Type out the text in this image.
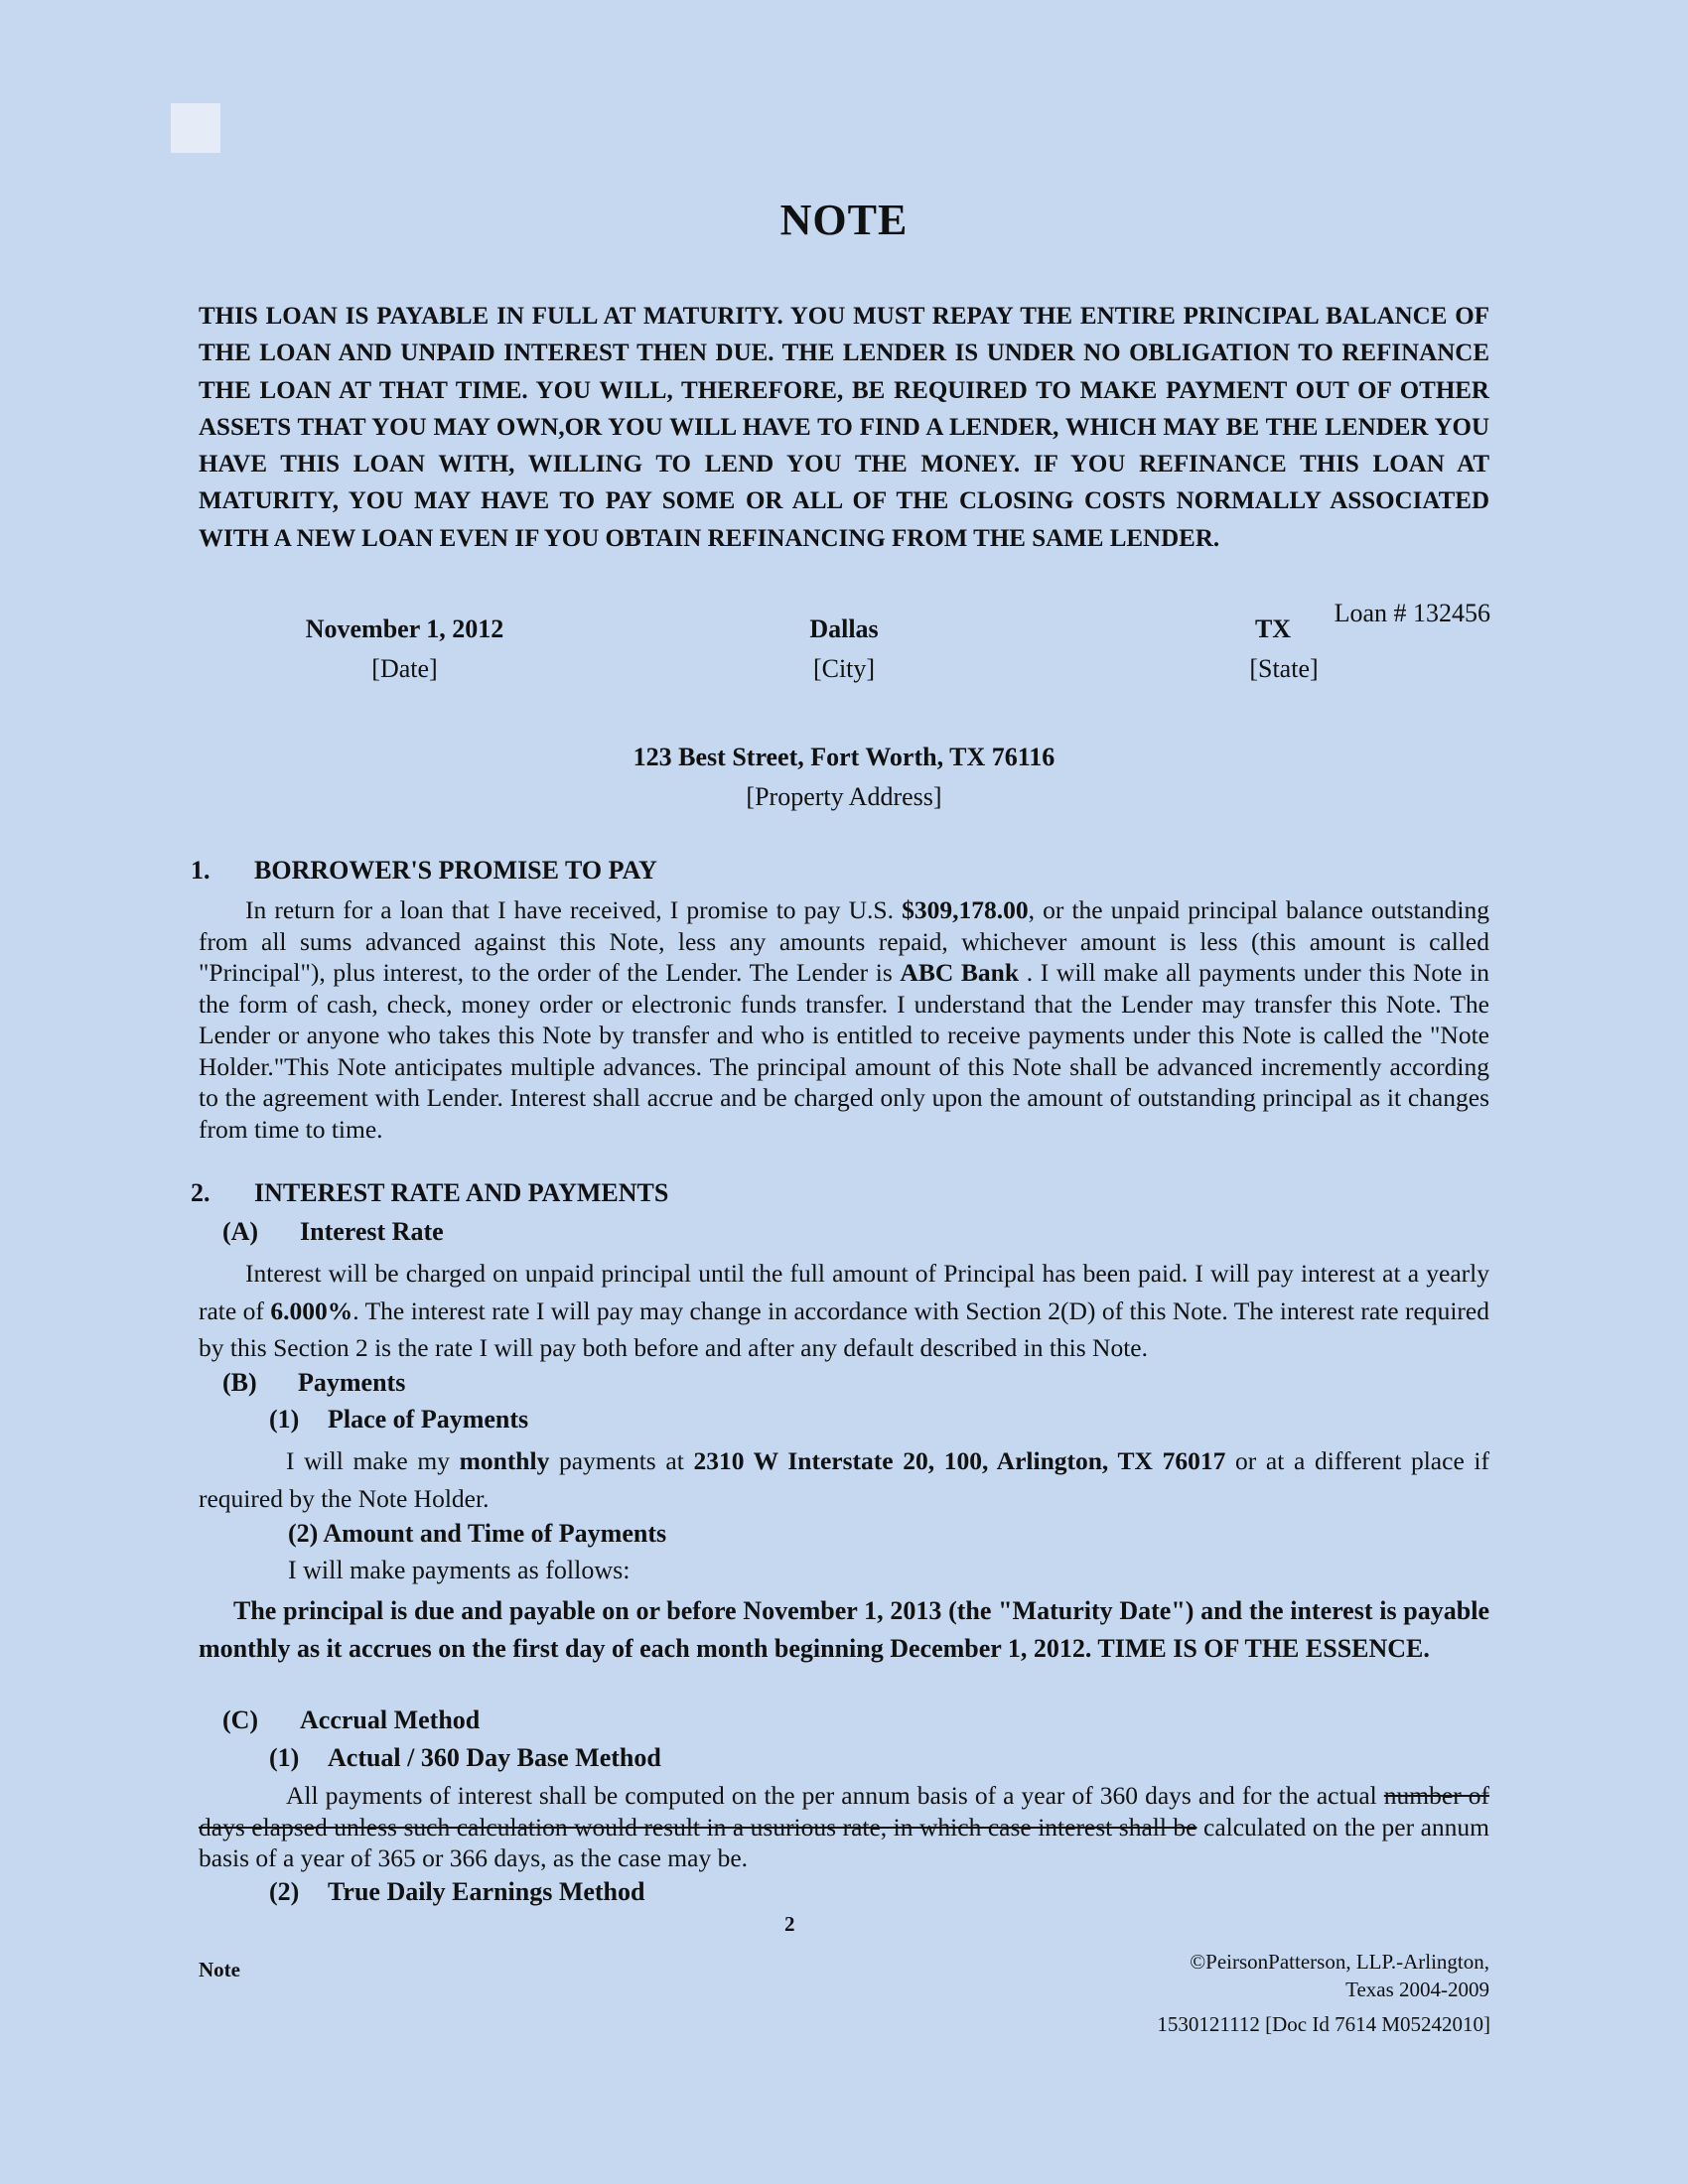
NOTE
THIS LOAN IS PAYABLE IN FULL AT MATURITY. YOU MUST REPAY THE ENTIRE PRINCIPAL BALANCE OF THE LOAN AND UNPAID INTEREST THEN DUE. THE LENDER IS UNDER NO OBLIGATION TO REFINANCE THE LOAN AT THAT TIME. YOU WILL, THEREFORE, BE REQUIRED TO MAKE PAYMENT OUT OF OTHER ASSETS THAT YOU MAY OWN,OR YOU WILL HAVE TO FIND A LENDER, WHICH MAY BE THE LENDER YOU HAVE THIS LOAN WITH, WILLING TO LEND YOU THE MONEY. IF YOU REFINANCE THIS LOAN AT MATURITY, YOU MAY HAVE TO PAY SOME OR ALL OF THE CLOSING COSTS NORMALLY ASSOCIATED WITH A NEW LOAN EVEN IF YOU OBTAIN REFINANCING FROM THE SAME LENDER.
Loan # 132456
November 1, 2012
[Date]
Dallas
[City]
TX
[State]
123 Best Street, Fort Worth, TX 76116
[Property Address]
1. BORROWER'S PROMISE TO PAY
In return for a loan that I have received, I promise to pay U.S. $309,178.00, or the unpaid principal balance outstanding from all sums advanced against this Note, less any amounts repaid, whichever amount is less (this amount is called "Principal"), plus interest, to the order of the Lender. The Lender is ABC Bank . I will make all payments under this Note in the form of cash, check, money order or electronic funds transfer. I understand that the Lender may transfer this Note. The Lender or anyone who takes this Note by transfer and who is entitled to receive payments under this Note is called the "Note Holder."This Note anticipates multiple advances. The principal amount of this Note shall be advanced incremently according to the agreement with Lender. Interest shall accrue and be charged only upon the amount of outstanding principal as it changes from time to time.
2. INTEREST RATE AND PAYMENTS
(A) Interest Rate
Interest will be charged on unpaid principal until the full amount of Principal has been paid. I will pay interest at a yearly rate of 6.000%. The interest rate I will pay may change in accordance with Section 2(D) of this Note. The interest rate required by this Section 2 is the rate I will pay both before and after any default described in this Note.
(B) Payments
(1) Place of Payments
I will make my monthly payments at 2310 W Interstate 20, 100, Arlington, TX 76017 or at a different place if required by the Note Holder.
(2) Amount and Time of Payments
I will make payments as follows:
The principal is due and payable on or before November 1, 2013 (the "Maturity Date") and the interest is payable monthly as it accrues on the first day of each month beginning December 1, 2012. TIME IS OF THE ESSENCE.
(C) Accrual Method
(1) Actual / 360 Day Base Method
All payments of interest shall be computed on the per annum basis of a year of 360 days and for the actual number of days elapsed unless such calculation would result in a usurious rate, in which case interest shall be calculated on the per annum basis of a year of 365 or 366 days, as the case may be.
(2) True Daily Earnings Method
2
Note	©PeirsonPatterson, LLP.-Arlington,
Texas 2004-2009
1530121112 [Doc Id 7614 M05242010]
